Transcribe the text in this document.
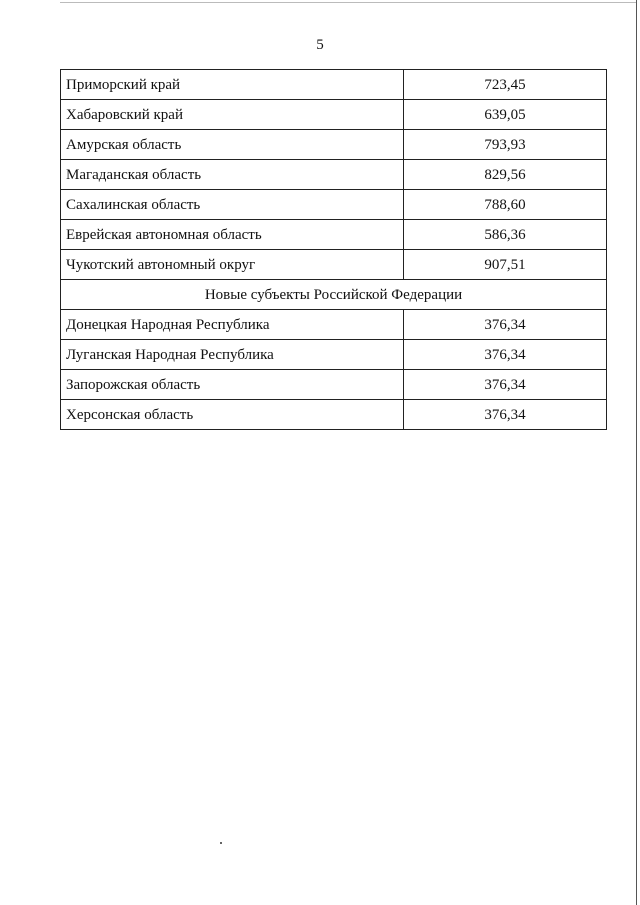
5
Приморский край	723,45
Хабаровский край	639,05
Амурская область	793,93
Магаданская область	829,56
Сахалинская область	788,60
Еврейская автономная область	586,36
Чукотский автономный округ	907,51
Новые субъекты Российской Федерации	
Донецкая Народная Республика	376,34
Луганская Народная Республика	376,34
Запорожская область	376,34
Херсонская область	376,34
